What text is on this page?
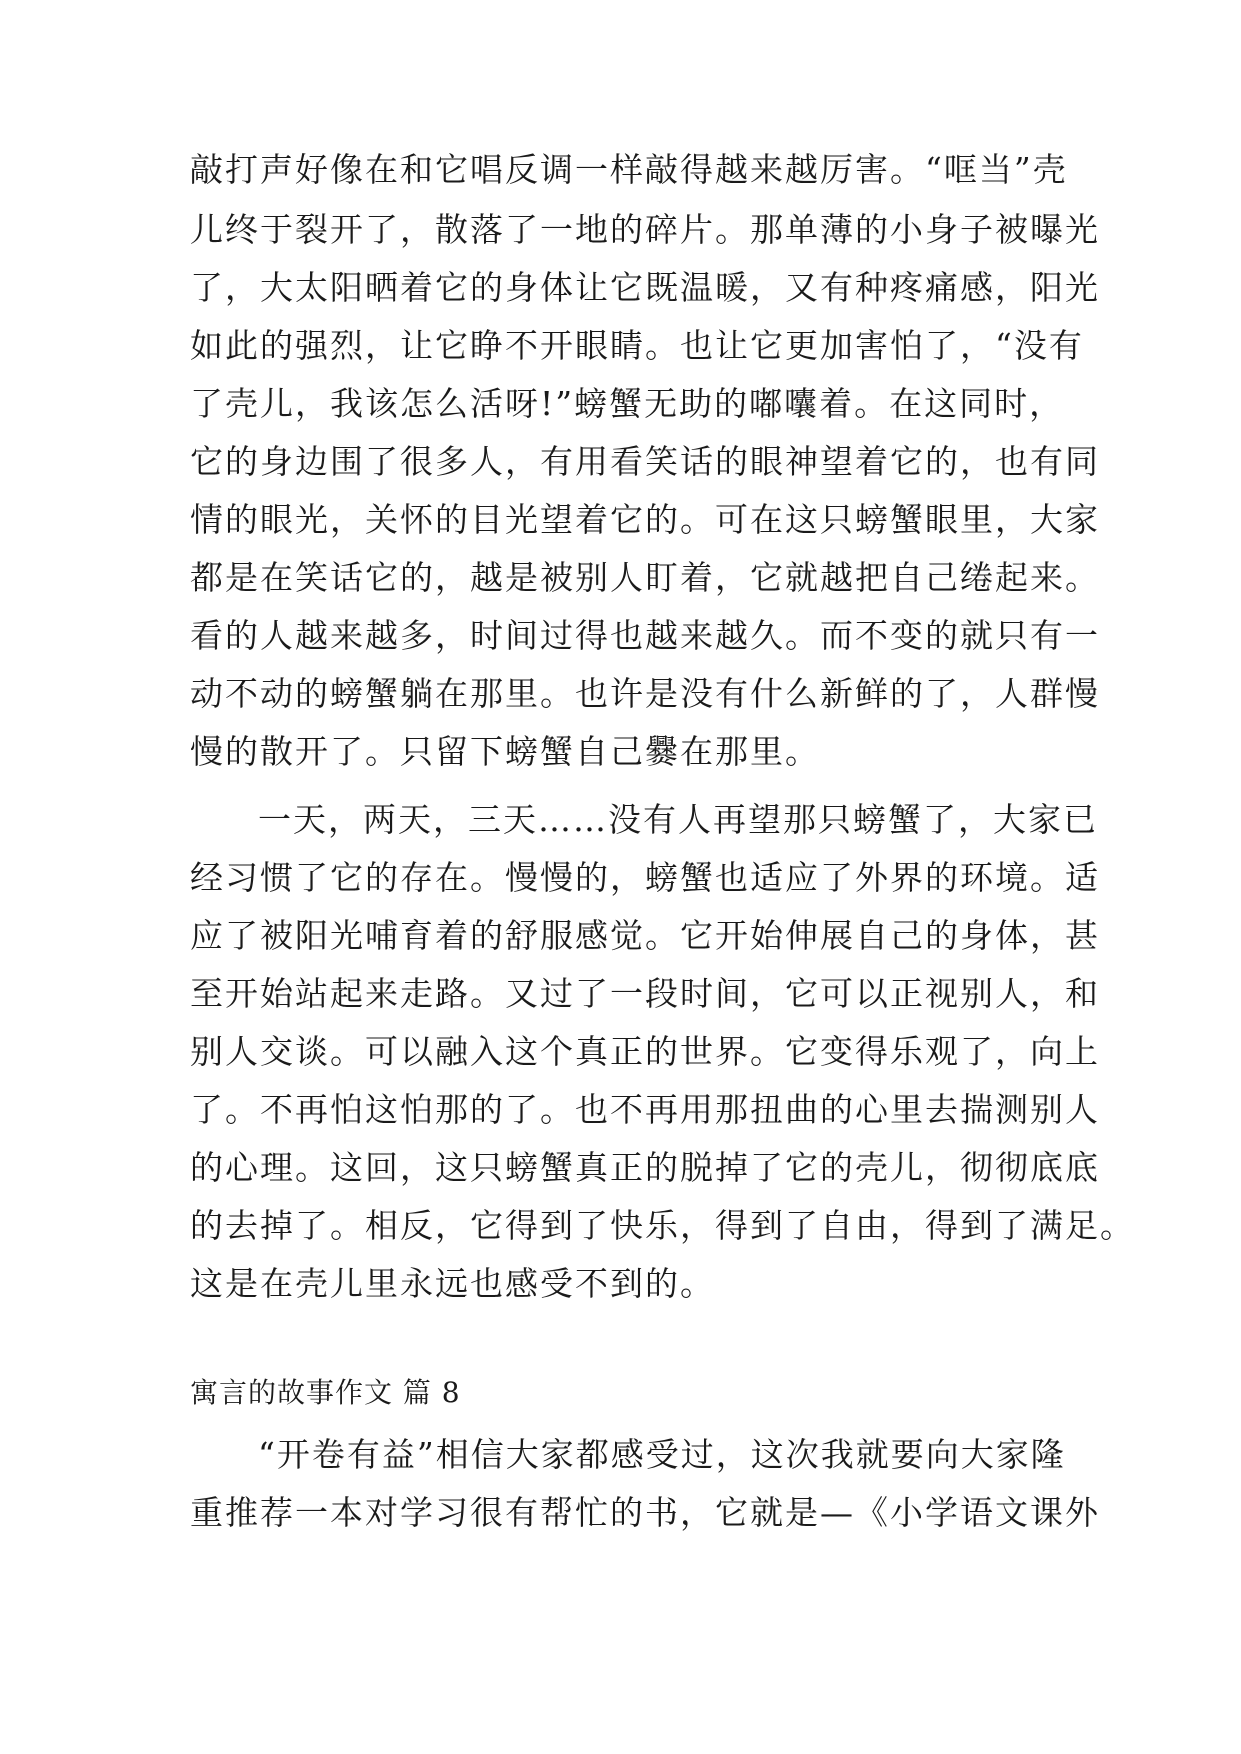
敲打声好像在和它唱反调一样敲得越来越厉害。“哐当”壳
儿终于裂开了，散落了一地的碎片。那单薄的小身子被曝光
了，大太阳晒着它的身体让它既温暖，又有种疼痛感，阳光
如此的强烈，让它睁不开眼睛。也让它更加害怕了，“没有
了壳儿，我该怎么活呀!”螃蟹无助的嘟囔着。在这同时，
它的身边围了很多人，有用看笑话的眼神望着它的，也有同
情的眼光，关怀的目光望着它的。可在这只螃蟹眼里，大家
都是在笑话它的，越是被别人盯着，它就越把自己绻起来。
看的人越来越多，时间过得也越来越久。而不变的就只有一
动不动的螃蟹躺在那里。也许是没有什么新鲜的了，人群慢
慢的散开了。只留下螃蟹自己爨在那里。
一天，两天，三天……没有人再望那只螃蟹了，大家已
经习惯了它的存在。慢慢的，螃蟹也适应了外界的环境。适
应了被阳光哺育着的舒服感觉。它开始伸展自己的身体，甚
至开始站起来走路。又过了一段时间，它可以正视别人，和
别人交谈。可以融入这个真正的世界。它变得乐观了，向上
了。不再怕这怕那的了。也不再用那扭曲的心里去揣测别人
的心理。这回，这只螃蟹真正的脱掉了它的壳儿，彻彻底底
的去掉了。相反，它得到了快乐，得到了自由，得到了满足。
这是在壳儿里永远也感受不到的。
寓言的故事作文 篇 8
“开卷有益”相信大家都感受过，这次我就要向大家隆
重推荐一本对学习很有帮忙的书，它就是—《小学语文课外
